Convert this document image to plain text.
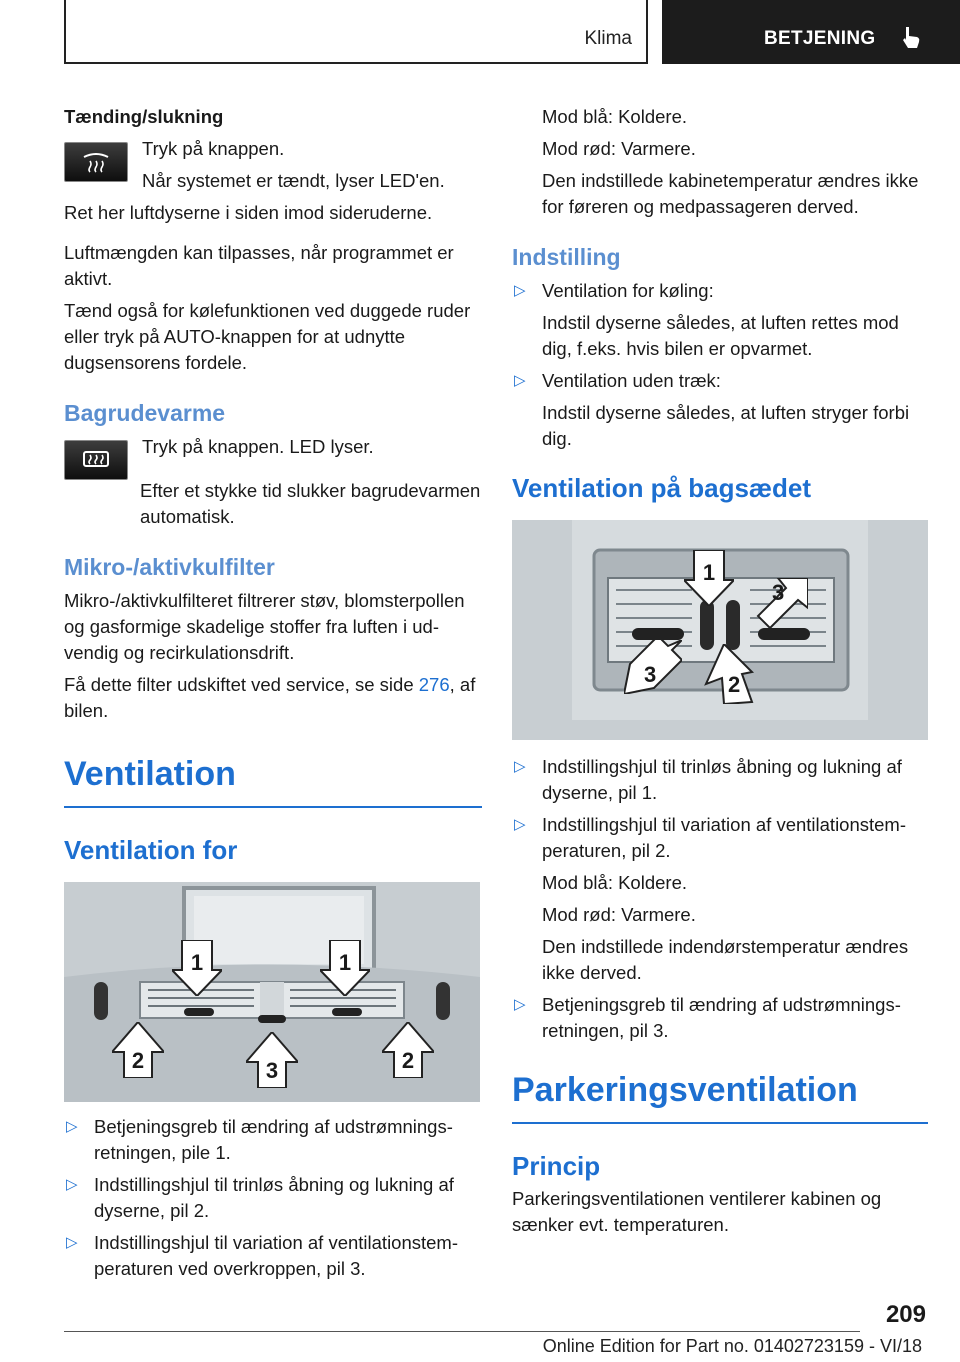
Klima	BETJENING
Tænding/slukning

Tryk på knappen.

Når systemet er tændt, lyser LED'en.

Ret her luftdyserne i siden imod sideruderne.

Luftmængden kan tilpasses, når programmet er aktivt.

Tænd også for kølefunktionen ved duggede ruder eller tryk på AUTO-knappen for at udnytte dugsensorens fordele.

Bagrudevarme

Tryk på knappen. LED lyser.

Efter et stykke tid slukker bagrudevarmen automatisk.

Mikro-/aktivkulfilter

Mikro-/aktivkulfilteret filtrerer støv, blomsterpollen og gasformige skadelige stoffer fra luften i udvendig og recirkulationsdrift.

Få dette filter udskiftet ved service, se side 276, af bilen.

Ventilation
Ventilation for
1	1
2	3	2
▷ Betjeningsgreb til ændring af udstrømningsretningen, pile 1.
▷ Indstillingshjul til trinløs åbning og lukning af dyserne, pil 2.
▷ Indstillingshjul til variation af ventilationstemperaturen ved overkroppen, pil 3.

Mod blå: Koldere.

Mod rød: Varmere.

Den indstillede kabinetemperatur ændres ikke for føreren og medpassageren derved.

Indstilling
▷ Ventilation for køling:
Indstil dyserne således, at luften rettes mod dig, f.eks. hvis bilen er opvarmet.
▷ Ventilation uden træk:
Indstil dyserne således, at luften stryger forbi dig.
Ventilation på bagsædet
1
3
3	2
▷ Indstillingshjul til trinløs åbning og lukning af dyserne, pil 1.
▷ Indstillingshjul til variation af ventilationstemperaturen, pil 2.
Mod blå: Koldere.
Mod rød: Varmere.
Den indstillede indendørstemperatur ændres ikke derved.
▷ Betjeningsgreb til ændring af udstrømningsretningen, pil 3.
Parkeringsventilation
Princip

Parkeringsventilationen ventilerer kabinen og sænker evt. temperaturen.

209
Online Edition for Part no. 01402723159 - VI/18
